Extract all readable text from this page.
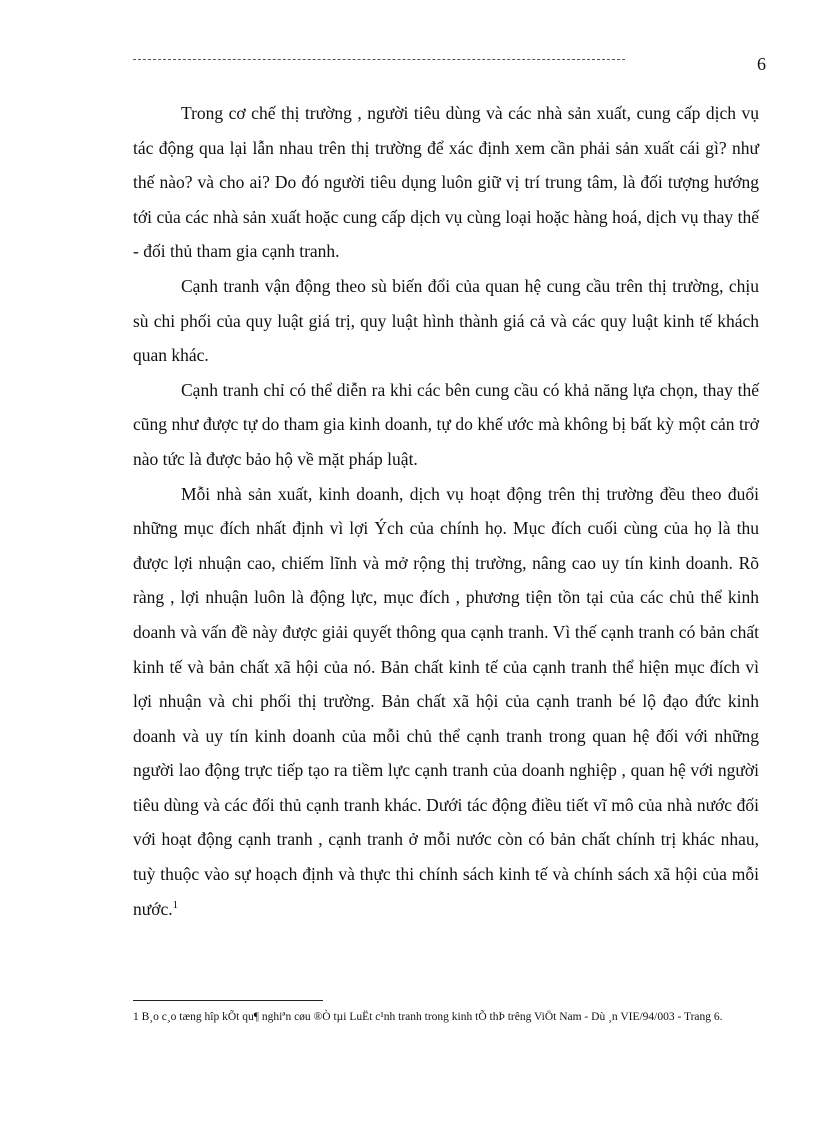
6

Trong cơ chế thị trường , người tiêu dùng và các nhà sản xuất, cung cấp dịch vụ tác động qua lại lẫn nhau trên thị trường để xác định xem cần phải sản xuất cái gì? như thế nào? và cho ai? Do đó người tiêu dụng luôn giữ vị trí trung tâm, là đối tượng hướng tới của các nhà sản xuất hoặc cung cấp dịch vụ cùng loại hoặc hàng hoá, dịch vụ thay thế - đối thủ tham gia cạnh tranh.

Cạnh tranh vận động theo sù biến đổi của quan hệ cung cầu trên thị trường, chịu sù chi phối của quy luật giá trị, quy luật hình thành giá cả và các quy luật kinh tế khách quan khác.

Cạnh tranh chỉ có thể diễn ra khi các bên cung cầu có khả năng lựa chọn, thay thế cũng như được tự do tham gia kinh doanh, tự do khế ước mà không bị bất kỳ một cản trở nào tức là được bảo hộ về mặt pháp luật.

Mỗi nhà sản xuất, kinh doanh, dịch vụ hoạt động trên thị trường đều theo đuổi những mục đích nhất định vì lợi Ých của chính họ. Mục đích cuối cùng của họ là thu được lợi nhuận cao, chiếm lĩnh và mở rộng thị trường, nâng cao uy tín kinh doanh. Rõ ràng , lợi nhuận luôn là động lực, mục đích , phương tiện tồn tại của các chủ thể kinh doanh và vấn đề này được giải quyết thông qua cạnh tranh. Vì thế cạnh tranh có bản chất kinh tế và bản chất xã hội của nó. Bản chất kinh tế của cạnh tranh thể hiện mục đích vì lợi nhuận và chi phối thị trường. Bản chất xã hội của cạnh tranh bé lộ đạo đức kinh doanh và uy tín kinh doanh của mỗi chủ thể cạnh tranh trong quan hệ đối với những người lao động trực tiếp tạo ra tiềm lực cạnh tranh của doanh nghiệp , quan hệ với người tiêu dùng và các đối thủ cạnh tranh khác. Dưới tác động điều tiết vĩ mô của nhà nước đối với hoạt động cạnh tranh , cạnh tranh ở mỗi nước còn có bản chất chính trị khác nhau, tuỳ thuộc vào sự hoạch định và thực thi chính sách kinh tế và chính sách xã hội của mỗi nước.$^1$

1 B¸o c¸o tæng hîp kÕt qu¶ nghiªn cøu ®Ò tµi LuËt c¹nh tranh trong kinh tÕ thÞ trêng ViÖt Nam - Dù ¸n VIE/94/003 - Trang 6.
